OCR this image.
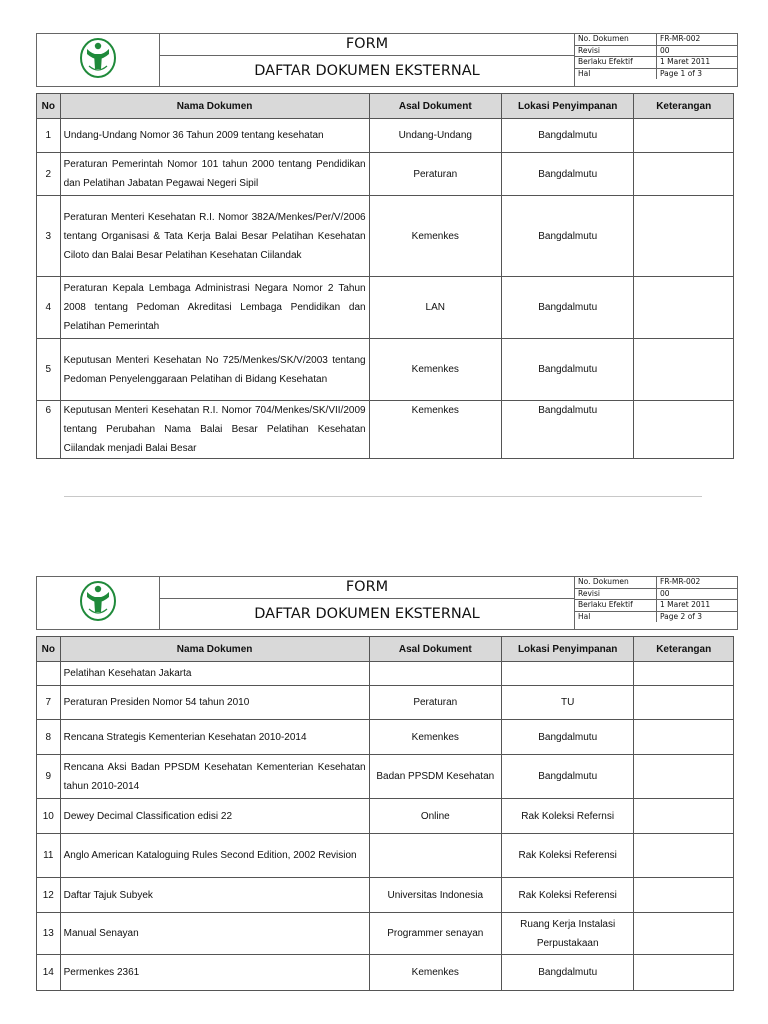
FORM
DAFTAR DOKUMEN EKSTERNAL

No. Dokumen	FR-MR-002
Revisi	00
Berlaku Efektif	1 Maret 2011
Hal	Page 1 of 3

No	Nama Dokumen	Asal Dokument	Lokasi Penyimpanan	Keterangan
1	Undang-Undang Nomor 36 Tahun 2009 tentang kesehatan	Undang-Undang	Bangdalmutu	
2	Peraturan Pemerintah Nomor 101 tahun 2000 tentang Pendidikan dan Pelatihan Jabatan Pegawai Negeri Sipil	Peraturan	Bangdalmutu	
3	Peraturan Menteri Kesehatan R.I. Nomor 382A/Menkes/Per/V/2006 tentang Organisasi & Tata Kerja Balai Besar Pelatihan Kesehatan Ciloto dan Balai Besar Pelatihan Kesehatan Ciilandak	Kemenkes	Bangdalmutu	
4	Peraturan Kepala Lembaga Administrasi Negara Nomor 2 Tahun 2008 tentang Pedoman Akreditasi Lembaga Pendidikan dan Pelatihan Pemerintah	LAN	Bangdalmutu	
5	Keputusan Menteri Kesehatan No 725/Menkes/SK/V/2003 tentang Pedoman Penyelenggaraan Pelatihan di Bidang Kesehatan	Kemenkes	Bangdalmutu	
6	Keputusan Menteri Kesehatan R.I. Nomor 704/Menkes/SK/VII/2009 tentang Perubahan Nama Balai Besar Pelatihan Kesehatan Ciilandak menjadi Balai Besar	Kemenkes	Bangdalmutu	

FORM
DAFTAR DOKUMEN EKSTERNAL

No. Dokumen	FR-MR-002
Revisi	00
Berlaku Efektif	1 Maret 2011
Hal	Page 2 of 3

No	Nama Dokumen	Asal Dokument	Lokasi Penyimpanan	Keterangan
	Pelatihan Kesehatan Jakarta			
7	Peraturan Presiden Nomor 54 tahun 2010	Peraturan	TU	
8	Rencana Strategis Kementerian Kesehatan 2010-2014	Kemenkes	Bangdalmutu	
9	Rencana Aksi Badan PPSDM Kesehatan Kementerian Kesehatan tahun 2010-2014	Badan PPSDM Kesehatan	Bangdalmutu	
10	Dewey Decimal Classification edisi 22	Online	Rak Koleksi Refernsi	
11	Anglo American Kataloguing Rules Second Edition, 2002 Revision		Rak Koleksi Referensi	
12	Daftar Tajuk Subyek	Universitas Indonesia	Rak Koleksi Referensi	
13	Manual Senayan	Programmer senayan	Ruang Kerja Instalasi Perpustakaan	
14	Permenkes 2361	Kemenkes	Bangdalmutu	
